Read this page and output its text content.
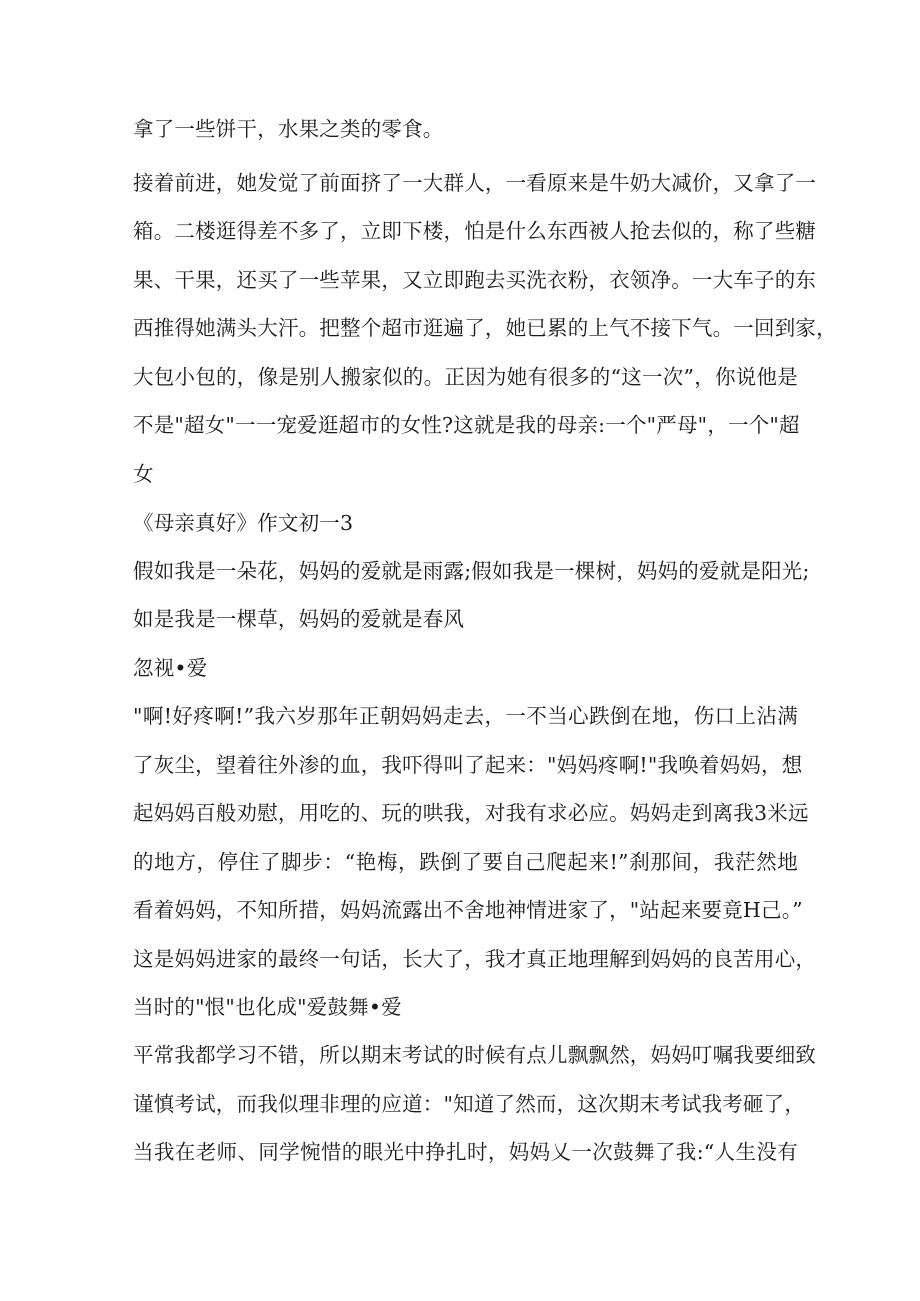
拿了一些饼干，水果之类的零食。
接着前进，她发觉了前面挤了一大群人，一看原来是牛奶大减价，又拿了一
箱。二楼逛得差不多了，立即下楼，怕是什么东西被人抢去似的，称了些糖
果、干果，还买了一些苹果，又立即跑去买洗衣粉，衣领净。一大车子的东
西推得她满头大汗。把整个超市逛遍了，她已累的上气不接下气。一回到家，
大包小包的，像是别人搬家似的。正因为她有很多的“这一次”，你说他是
不是"超女"一一宠爱逛超市的女性?这就是我的母亲:一个"严母"，一个"超
女
《母亲真好》作文初一3
假如我是一朵花，妈妈的爱就是雨露;假如我是一棵树，妈妈的爱就是阳光;
如是我是一棵草，妈妈的爱就是春风
忽视•爱
"啊!好疼啊!”我六岁那年正朝妈妈走去，一不当心跌倒在地，伤口上沾满
了灰尘，望着往外渗的血，我吓得叫了起来："妈妈疼啊!"我唤着妈妈，想
起妈妈百般劝慰，用吃的、玩的哄我，对我有求必应。妈妈走到离我3米远
的地方，停住了脚步：“艳梅，跌倒了要自己爬起来!”刹那间，我茫然地
看着妈妈，不知所措，妈妈流露出不舍地神情进家了，"站起来要竟H己。”
这是妈妈进家的最终一句话，长大了，我才真正地理解到妈妈的良苦用心，
当时的"恨"也化成"爱鼓舞•爱
平常我都学习不错，所以期末考试的时候有点儿飘飘然，妈妈叮嘱我要细致
谨慎考试，而我似理非理的应道："知道了然而，这次期末考试我考砸了，
当我在老师、同学惋惜的眼光中挣扎时，妈妈乂一次鼓舞了我:“人生没有
